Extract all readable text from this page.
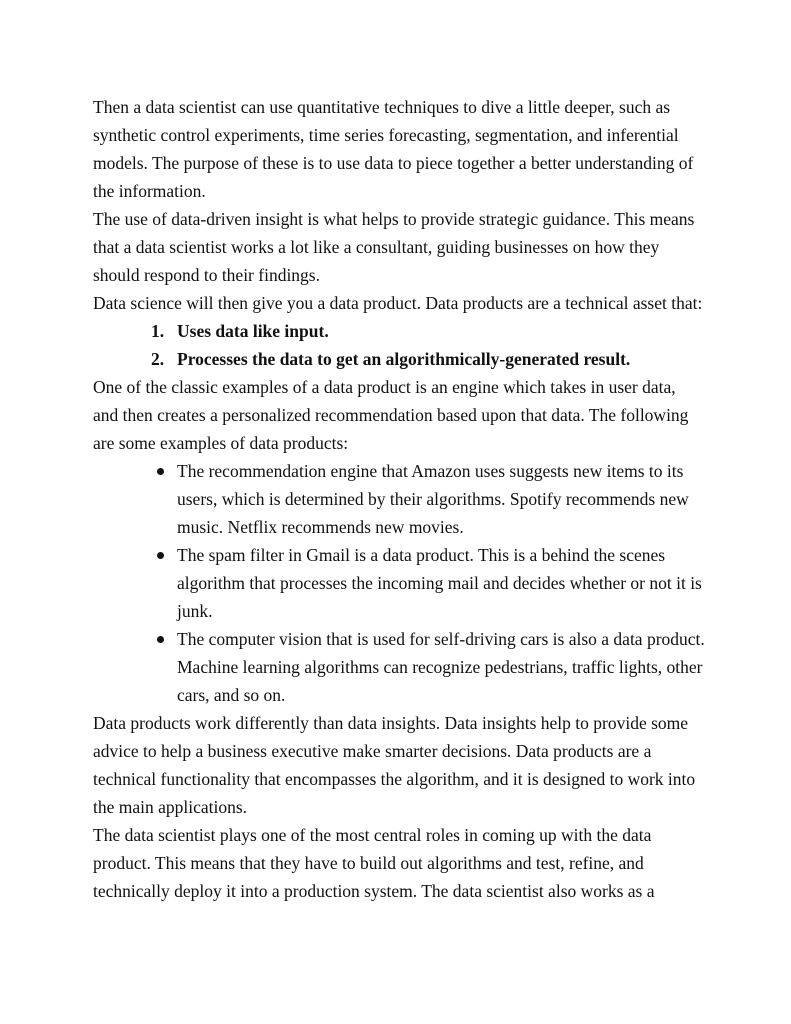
Then a data scientist can use quantitative techniques to dive a little deeper, such as synthetic control experiments, time series forecasting, segmentation, and inferential models. The purpose of these is to use data to piece together a better understanding of the information.

The use of data-driven insight is what helps to provide strategic guidance. This means that a data scientist works a lot like a consultant, guiding businesses on how they should respond to their findings.

Data science will then give you a data product. Data products are a technical asset that:

1. Uses data like input.
2. Processes the data to get an algorithmically-generated result.

One of the classic examples of a data product is an engine which takes in user data, and then creates a personalized recommendation based upon that data. The following are some examples of data products:

The recommendation engine that Amazon uses suggests new items to its users, which is determined by their algorithms. Spotify recommends new music. Netflix recommends new movies.
The spam filter in Gmail is a data product. This is a behind the scenes algorithm that processes the incoming mail and decides whether or not it is junk.
The computer vision that is used for self-driving cars is also a data product. Machine learning algorithms can recognize pedestrians, traffic lights, other cars, and so on.

Data products work differently than data insights. Data insights help to provide some advice to help a business executive make smarter decisions. Data products are a technical functionality that encompasses the algorithm, and it is designed to work into the main applications.

The data scientist plays one of the most central roles in coming up with the data product. This means that they have to build out algorithms and test, refine, and technically deploy it into a production system. The data scientist also works as a
